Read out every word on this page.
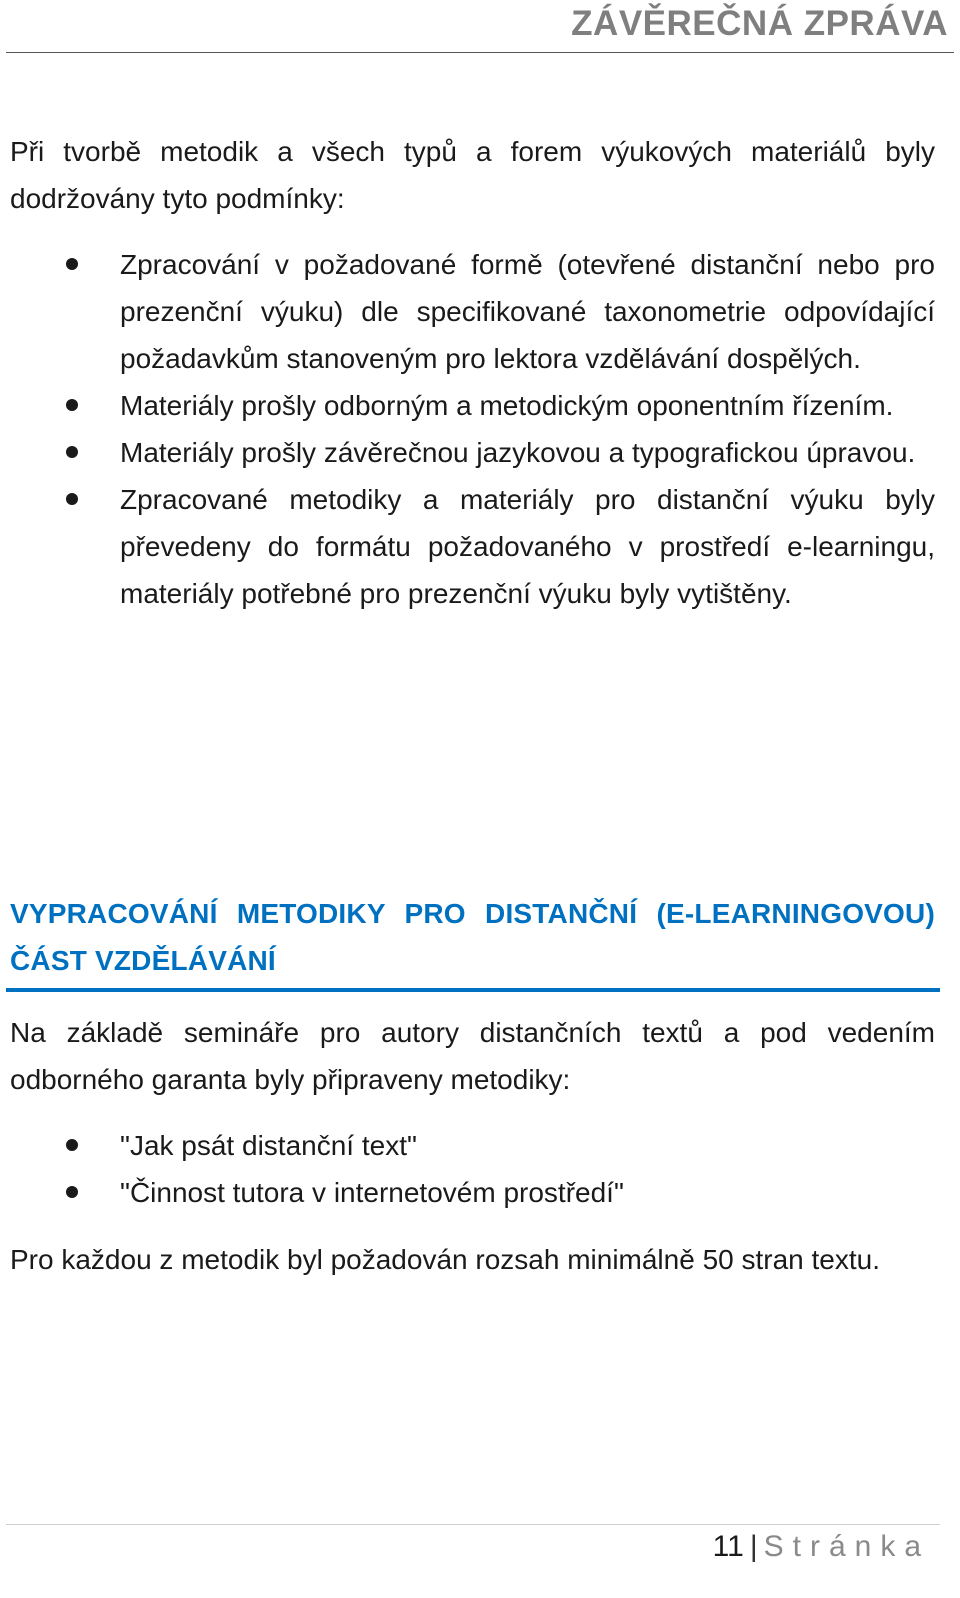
ZÁVĚREČNÁ ZPRÁVA

Při tvorbě metodik a všech typů a forem výukových materiálů byly dodržovány tyto podmínky:

Zpracování v požadované formě (otevřené distanční nebo pro prezenční výuku) dle specifikované taxonometrie odpovídající požadavkům stanoveným pro lektora vzdělávání dospělých.
Materiály prošly odborným a metodickým oponentním řízením.
Materiály prošly závěrečnou jazykovou a typografickou úpravou.
Zpracované metodiky a materiály pro distanční výuku byly převedeny do formátu požadovaného v prostředí e-learningu, materiály potřebné pro prezenční výuku byly vytištěny.
VYPRACOVÁNÍ METODIKY PRO DISTANČNÍ (E-LEARNINGOVOU) ČÁST VZDĚLÁVÁNÍ

Na základě semináře pro autory distančních textů a pod vedením odborného garanta byly připraveny metodiky:

"Jak psát distanční text"
"Činnost tutora v internetovém prostředí"

Pro každou z metodik byl požadován rozsah minimálně 50 stran textu.

11 | Stránka
